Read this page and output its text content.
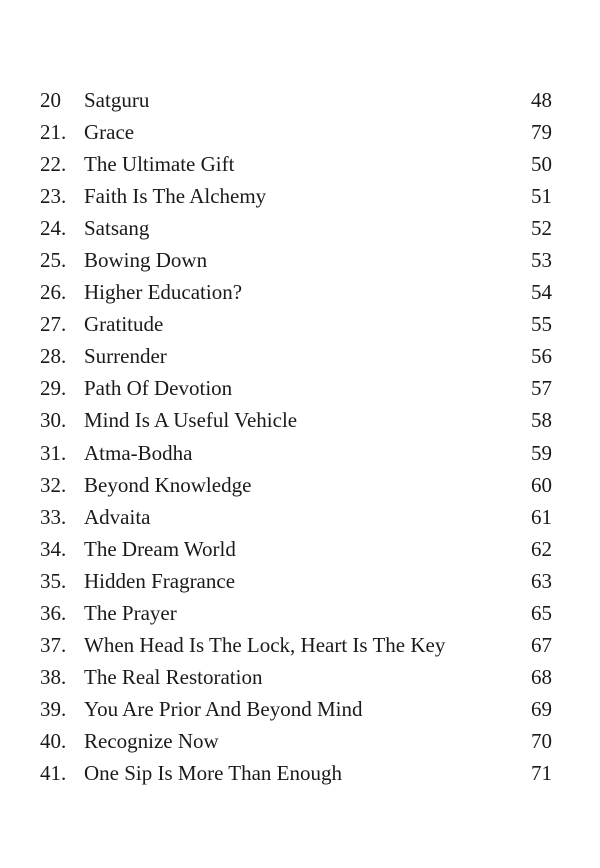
20	Satguru	48
21. Grace	79
22. The Ultimate Gift	50
23. Faith Is The Alchemy	51
24. Satsang	52
25. Bowing Down	53
26. Higher Education?	54
27. Gratitude	55
28. Surrender	56
29. Path Of Devotion	57
30. Mind Is A Useful Vehicle	58
31. Atma-Bodha	59
32. Beyond Knowledge	60
33. Advaita	61
34. The Dream World	62
35. Hidden Fragrance	63
36. The Prayer	65
37. When Head Is The Lock, Heart Is The Key	67
38. The Real Restoration	68
39. You Are Prior And Beyond Mind	69
40. Recognize Now	70
41. One Sip Is More Than Enough	71
